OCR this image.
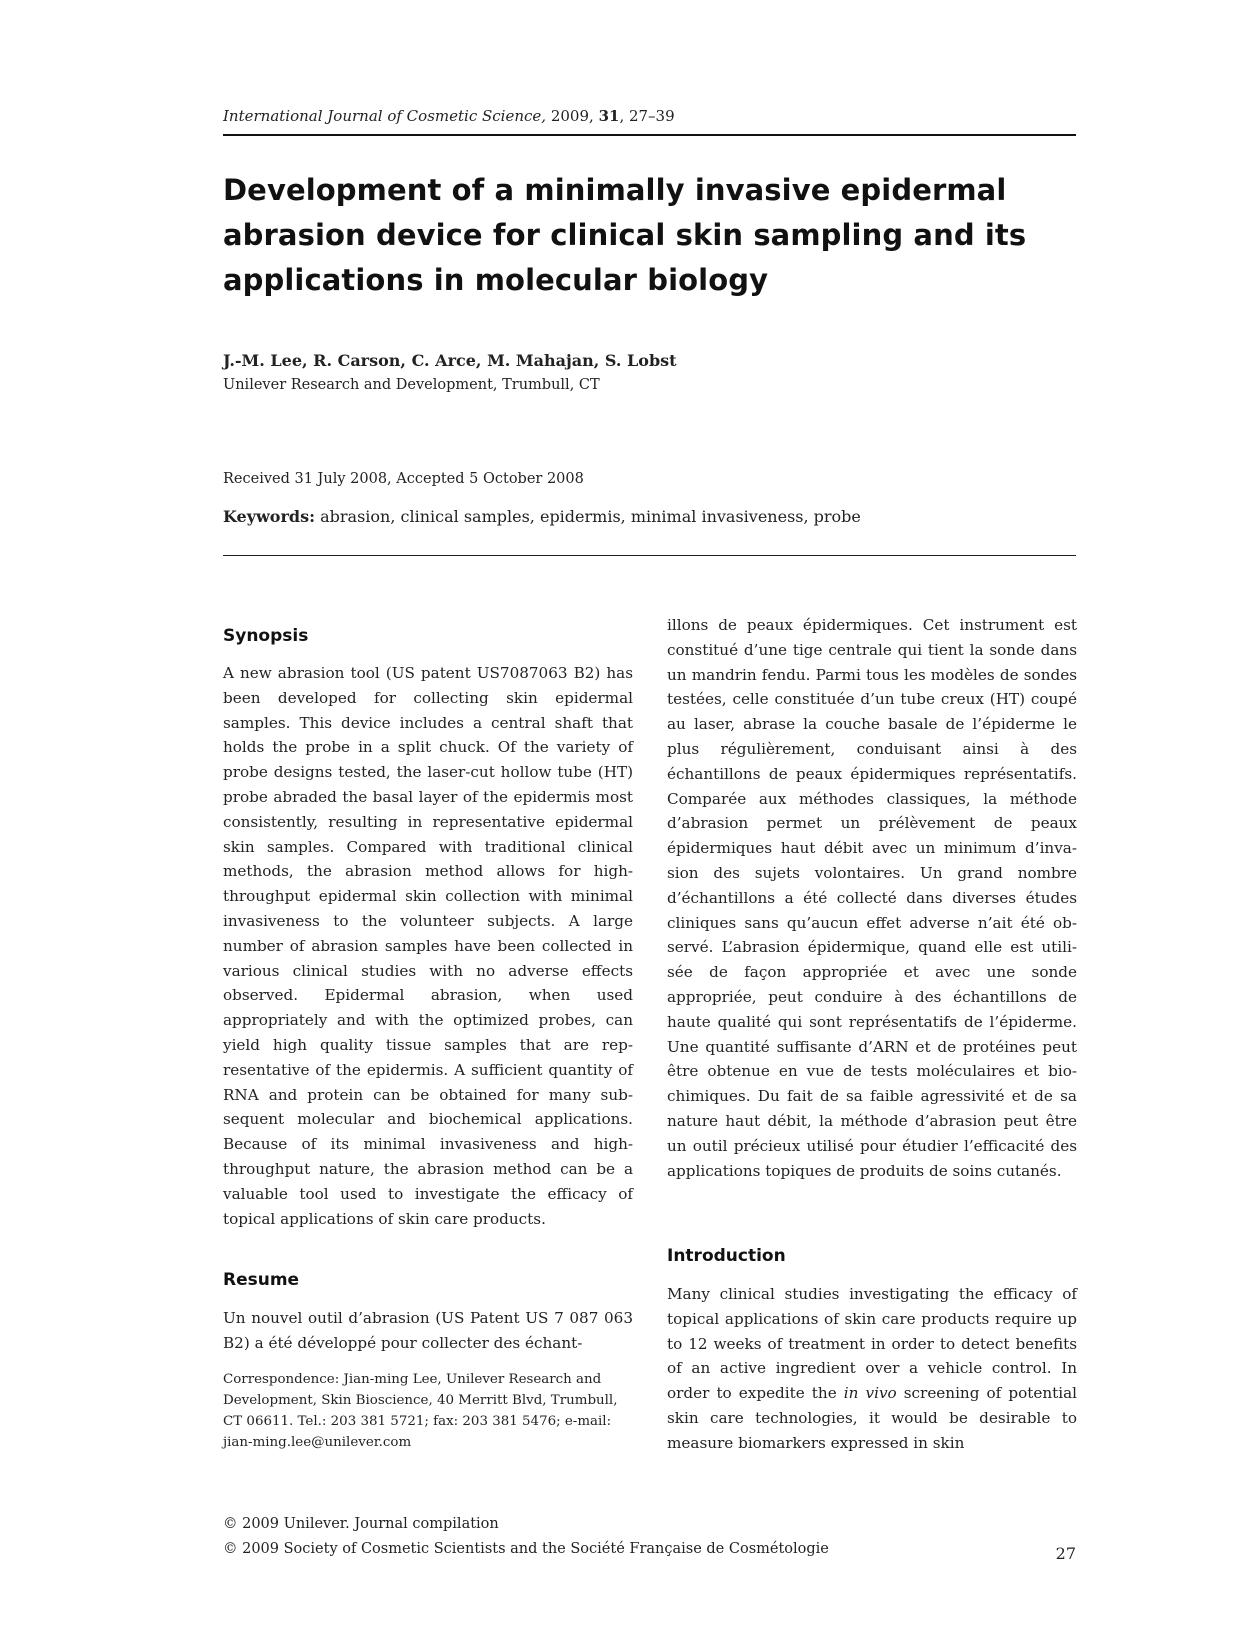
International Journal of Cosmetic Science, 2009, 31, 27–39
Development of a minimally invasive epidermal abrasion device for clinical skin sampling and its applications in molecular biology
J.-M. Lee, R. Carson, C. Arce, M. Mahajan, S. Lobst
Unilever Research and Development, Trumbull, CT
Received 31 July 2008, Accepted 5 October 2008
Keywords: abrasion, clinical samples, epidermis, minimal invasiveness, probe
Synopsis
A new abrasion tool (US patent US7087063 B2) has been developed for collecting skin epidermal samples. This device includes a central shaft that holds the probe in a split chuck. Of the variety of probe designs tested, the laser-cut hollow tube (HT) probe abraded the basal layer of the epidermis most consistently, resulting in representative epidermal skin samples. Compared with traditional clinical methods, the abrasion method allows for high-throughput epidermal skin collection with minimal invasiveness to the volunteer subjects. A large number of abrasion samples have been collected in various clinical studies with no adverse effects observed. Epidermal abrasion, when used appropriately and with the optimized probes, can yield high quality tissue samples that are representative of the epidermis. A sufficient quantity of RNA and protein can be obtained for many subsequent molecular and biochemical applications. Because of its minimal invasiveness and high-throughput nature, the abrasion method can be a valuable tool used to investigate the efficacy of topical applications of skin care products.
Resume
Un nouvel outil d’abrasion (US Patent US 7 087 063 B2) a été développé pour collecter des échant-
Correspondence: Jian-ming Lee, Unilever Research and Development, Skin Bioscience, 40 Merritt Blvd, Trumbull, CT 06611. Tel.: 203 381 5721; fax: 203 381 5476; e-mail: jian-ming.lee@unilever.com
illons de peaux épidermiques. Cet instrument est constitué d’une tige centrale qui tient la sonde dans un mandrin fendu. Parmi tous les modèles de sondes testées, celle constituée d’un tube creux (HT) coupé au laser, abrase la couche basale de l’épiderme le plus régulièrement, conduisant ainsi à des échantillons de peaux épidermiques représentatifs. Comparée aux méthodes classiques, la méthode d’abrasion permet un prélèvement de peaux épidermiques haut débit avec un minimum d’invasion des sujets volontaires. Un grand nombre d’échantillons a été collecté dans diverses études cliniques sans qu’aucun effet adverse n’ait été observé. L’abrasion épidermique, quand elle est utilisée de façon appropriée et avec une sonde appropriée, peut conduire à des échantillons de haute qualité qui sont représentatifs de l’épiderme. Une quantité suffisante d’ARN et de protéines peut être obtenue en vue de tests moléculaires et biochimiques. Du fait de sa faible agressivité et de sa nature haut débit, la méthode d’abrasion peut être un outil précieux utilisé pour étudier l’efficacité des applications topiques de produits de soins cutanés.
Introduction
Many clinical studies investigating the efficacy of topical applications of skin care products require up to 12 weeks of treatment in order to detect benefits of an active ingredient over a vehicle control. In order to expedite the in vivo screening of potential skin care technologies, it would be desirable to measure biomarkers expressed in skin
© 2009 Unilever. Journal compilation
© 2009 Society of Cosmetic Scientists and the Société Française de Cosmétologie	27
